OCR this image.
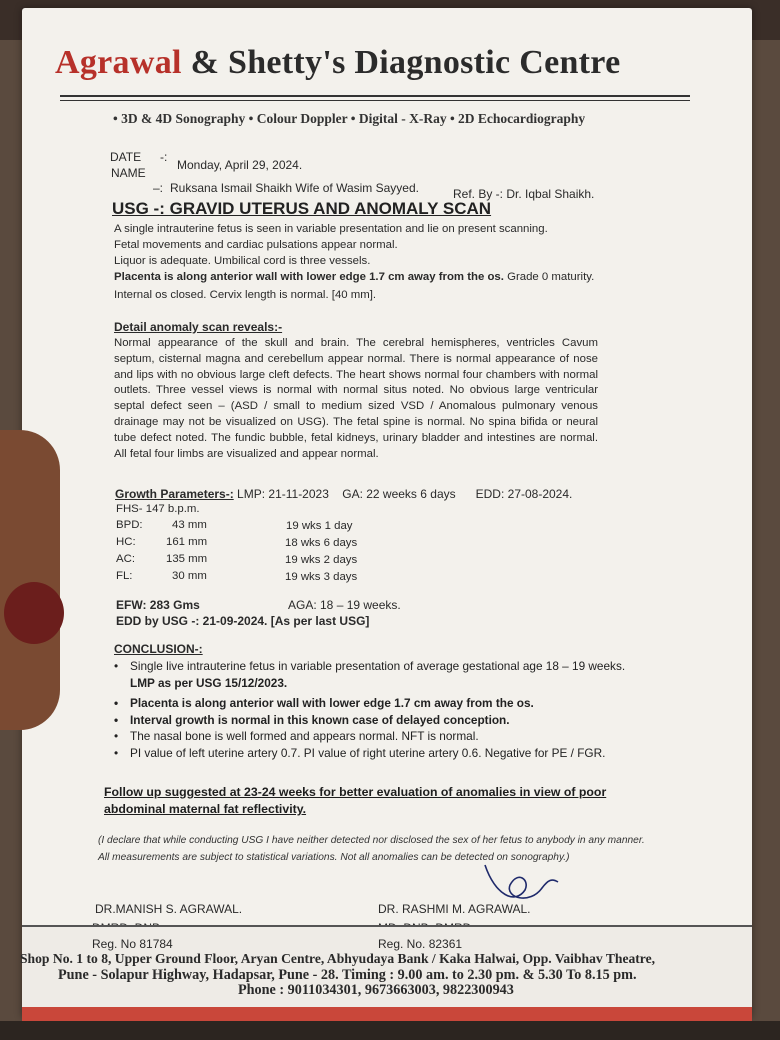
Agrawal & Shetty's Diagnostic Centre
• 3D & 4D Sonography • Colour Doppler • Digital - X-Ray • 2D Echocardiography
DATE -:
Monday, April 29, 2024.
NAME
–: Ruksana Ismail Shaikh Wife of Wasim Sayyed.	Ref. By -: Dr. Iqbal Shaikh.
USG -: GRAVID UTERUS AND ANOMALY SCAN
A single intrauterine fetus is seen in variable presentation and lie on present scanning.
Fetal movements and cardiac pulsations appear normal.
Liquor is adequate. Umbilical cord is three vessels.
Placenta is along anterior wall with lower edge 1.7 cm away from the os. Grade 0 maturity.
Internal os closed. Cervix length is normal. [40 mm].
Detail anomaly scan reveals:-
Normal appearance of the skull and brain. The cerebral hemispheres, ventricles Cavum septum, cisternal magna and cerebellum appear normal. There is normal appearance of nose and lips with no obvious large cleft defects. The heart shows normal four chambers with normal outlets. Three vessel views is normal with normal situs noted. No obvious large ventricular septal defect seen – (ASD / small to medium sized VSD / Anomalous pulmonary venous drainage may not be visualized on USG). The fetal spine is normal. No spina bifida or neural tube defect noted. The fundic bubble, fetal kidneys, urinary bladder and intestines are normal. All fetal four limbs are visualized and appear normal.
Growth Parameters-: LMP: 21-11-2023 GA: 22 weeks 6 days EDD: 27-08-2024.
FHS- 147 b.p.m.
BPD:	43 mm	19 wks 1 day
HC:	161 mm	18 wks 6 days
AC:	135 mm	19 wks 2 days
FL:	30 mm	19 wks 3 days
EFW: 283 Gms	AGA: 18 – 19 weeks.
EDD by USG -: 21-09-2024. [As per last USG]
CONCLUSION-:
• Single live intrauterine fetus in variable presentation of average gestational age 18 – 19 weeks.
LMP as per USG 15/12/2023.
• Placenta is along anterior wall with lower edge 1.7 cm away from the os.
• Interval growth is normal in this known case of delayed conception.
• The nasal bone is well formed and appears normal. NFT is normal.
• PI value of left uterine artery 0.7. PI value of right uterine artery 0.6. Negative for PE / FGR.
Follow up suggested at 23-24 weeks for better evaluation of anomalies in view of poor abdominal maternal fat reflectivity.
(I declare that while conducting USG I have neither detected nor disclosed the sex of her fetus to anybody in any manner. All measurements are subject to statistical variations. Not all anomalies can be detected on sonography.)
DR.MANISH S. AGRAWAL.	DR. RASHMI M. AGRAWAL.
Reg. No 81784	Reg. No. 82361
Shop No. 1 to 8, Upper Ground Floor, Aryan Centre, Abhyudaya Bank / Kaka Halwai, Opp. Vaibhav Theatre,
Pune - Solapur Highway, Hadapsar, Pune - 28. Timing : 9.00 am. to 2.30 pm. & 5.30 To 8.15 pm.
Phone : 9011034301, 9673663003, 9822300943
